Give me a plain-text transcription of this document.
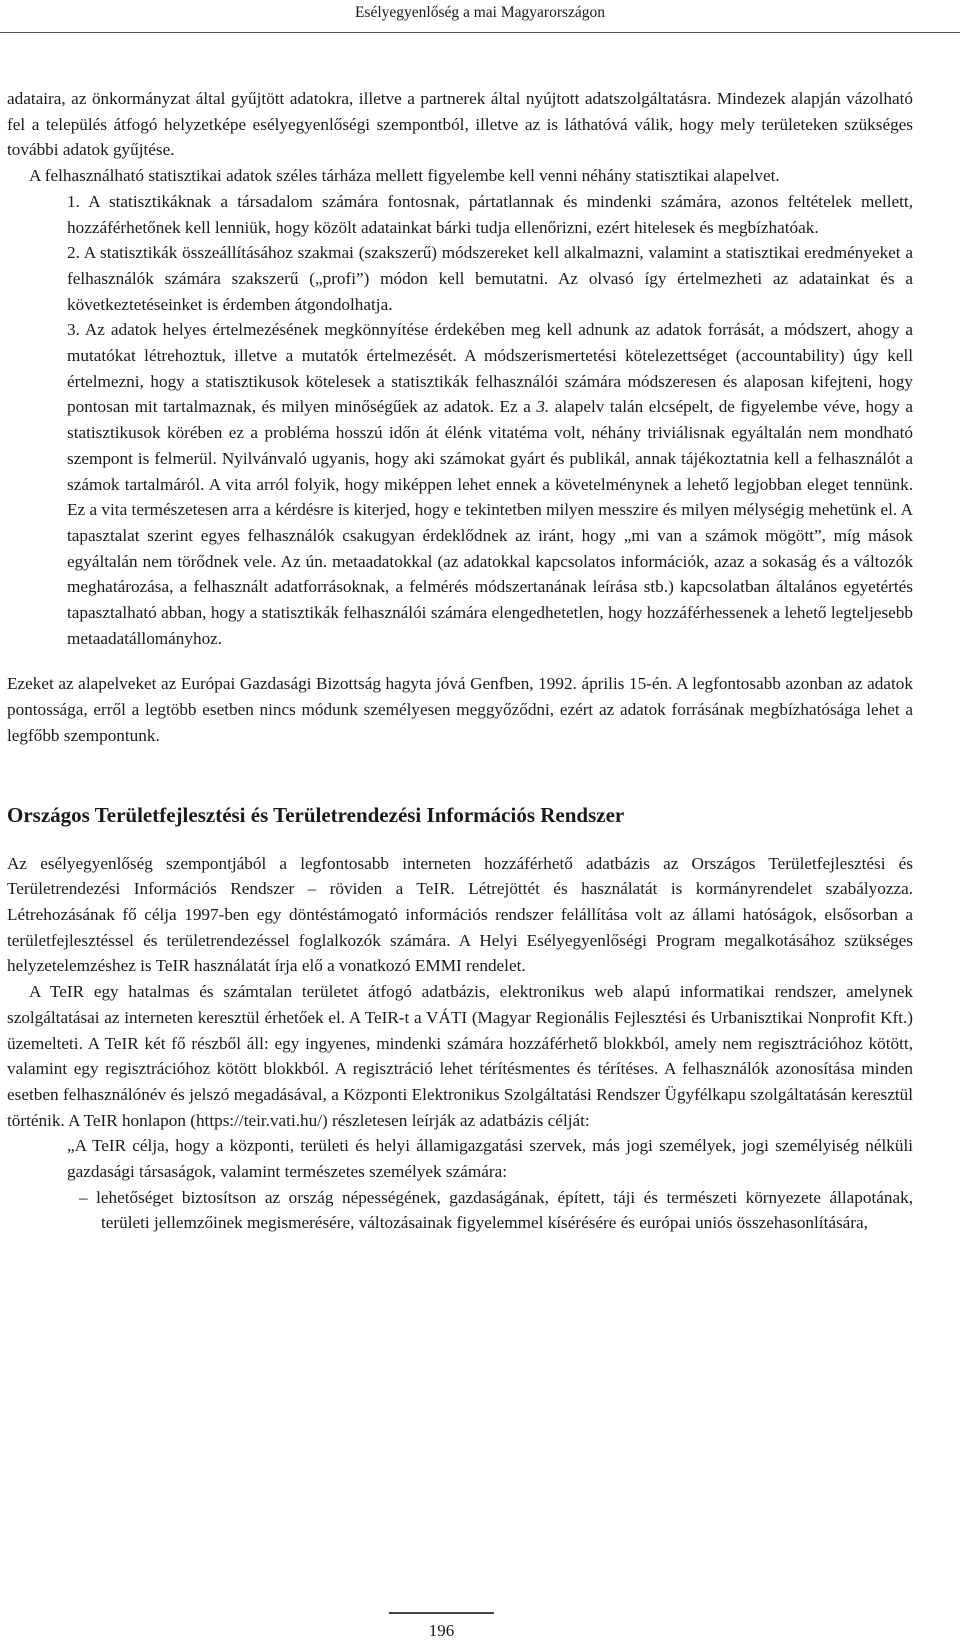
Esélyegyenlőség a mai Magyarországon

adataira, az önkormányzat által gyűjtött adatokra, illetve a partnerek által nyújtott adatszolgáltatásra. Mindezek alapján vázolható fel a település átfogó helyzetképe esélyegyenlőségi szempontból, illetve az is láthatóvá válik, hogy mely területeken szükséges további adatok gyűjtése.

A felhasználható statisztikai adatok széles tárháza mellett figyelembe kell venni néhány statisztikai alapelvet.

1. A statisztikáknak a társadalom számára fontosnak, pártatlannak és mindenki számára, azonos feltételek mellett, hozzáférhetőnek kell lenniük, hogy közölt adatainkat bárki tudja ellenőrizni, ezért hitelesek és megbízhatóak.

2. A statisztikák összeállításához szakmai (szakszerű) módszereket kell alkalmazni, valamint a statisztikai eredményeket a felhasználók számára szakszerű („profi”) módon kell bemutatni. Az olvasó így értelmezheti az adatainkat és a következtetéseinket is érdemben átgondolhatja.

3. Az adatok helyes értelmezésének megkönnyítése érdekében meg kell adnunk az adatok forrását, a módszert, ahogy a mutatókat létrehoztuk, illetve a mutatók értelmezését. A módszerismertetési kötelezettséget (accountability) úgy kell értelmezni, hogy a statisztikusok kötelesek a statisztikák felhasználói számára módszeresen és alaposan kifejteni, hogy pontosan mit tartalmaznak, és milyen minőségűek az adatok. Ez a 3. alapelv talán elcsépelt, de figyelembe véve, hogy a statisztikusok körében ez a probléma hosszú időn át élénk vitatéma volt, néhány triviálisnak egyáltalán nem mondható szempont is felmerül. Nyilvánvaló ugyanis, hogy aki számokat gyárt és publikál, annak tájékoztatnia kell a felhasználót a számok tartalmáról. A vita arról folyik, hogy miképpen lehet ennek a követelménynek a lehető legjobban eleget tennünk. Ez a vita természetesen arra a kérdésre is kiterjed, hogy e tekintetben milyen messzire és milyen mélységig mehetünk el. A tapasztalat szerint egyes felhasználók csakugyan érdeklődnek az iránt, hogy „mi van a számok mögött”, míg mások egyáltalán nem törődnek vele. Az ún. metaadatokkal (az adatokkal kapcsolatos információk, azaz a sokaság és a változók meghatározása, a felhasznált adatforrásoknak, a felmérés módszertanának leírása stb.) kapcsolatban általános egyetértés tapasztalható abban, hogy a statisztikák felhasználói számára elengedhetetlen, hogy hozzáférhessenek a lehető legteljesebb metaadatállományhoz.

Ezeket az alapelveket az Európai Gazdasági Bizottság hagyta jóvá Genfben, 1992. április 15-én. A legfontosabb azonban az adatok pontossága, erről a legtöbb esetben nincs módunk személyesen meggyőződni, ezért az adatok forrásának megbízhatósága lehet a legfőbb szempontunk.

Országos Területfejlesztési és Területrendezési Információs Rendszer

Az esélyegyenlőség szempontjából a legfontosabb interneten hozzáférhető adatbázis az Országos Területfejlesztési és Területrendezési Információs Rendszer – röviden a TeIR. Létrejöttét és használatát is kormányrendelet szabályozza. Létrehozásának fő célja 1997-ben egy döntéstámogató információs rendszer felállítása volt az állami hatóságok, elsősorban a területfejlesztéssel és területrendezéssel foglalkozók számára. A Helyi Esélyegyenlőségi Program megalkotásához szükséges helyzetelemzéshez is TeIR használatát írja elő a vonatkozó EMMI rendelet.

A TeIR egy hatalmas és számtalan területet átfogó adatbázis, elektronikus web alapú informatikai rendszer, amelynek szolgáltatásai az interneten keresztül érhetőek el. A TeIR-t a VÁTI (Magyar Regionális Fejlesztési és Urbanisztikai Nonprofit Kft.) üzemelteti. A TeIR két fő részből áll: egy ingyenes, mindenki számára hozzáférhető blokkból, amely nem regisztrációhoz kötött, valamint egy regisztrációhoz kötött blokkból. A regisztráció lehet térítésmentes és térítéses. A felhasználók azonosítása minden esetben felhasználónév és jelszó megadásával, a Központi Elektronikus Szolgáltatási Rendszer Ügyfélkapu szolgáltatásán keresztül történik. A TeIR honlapon (https://teir.vati.hu/) részletesen leírják az adatbázis célját:

„A TeIR célja, hogy a központi, területi és helyi államigazgatási szervek, más jogi személyek, jogi személyiség nélküli gazdasági társaságok, valamint természetes személyek számára:

– lehetőséget biztosítson az ország népességének, gazdaságának, épített, táji és természeti környezete állapotának, területi jellemzőinek megismerésére, változásainak figyelemmel kísérésére és európai uniós összehasonlítására,

196
